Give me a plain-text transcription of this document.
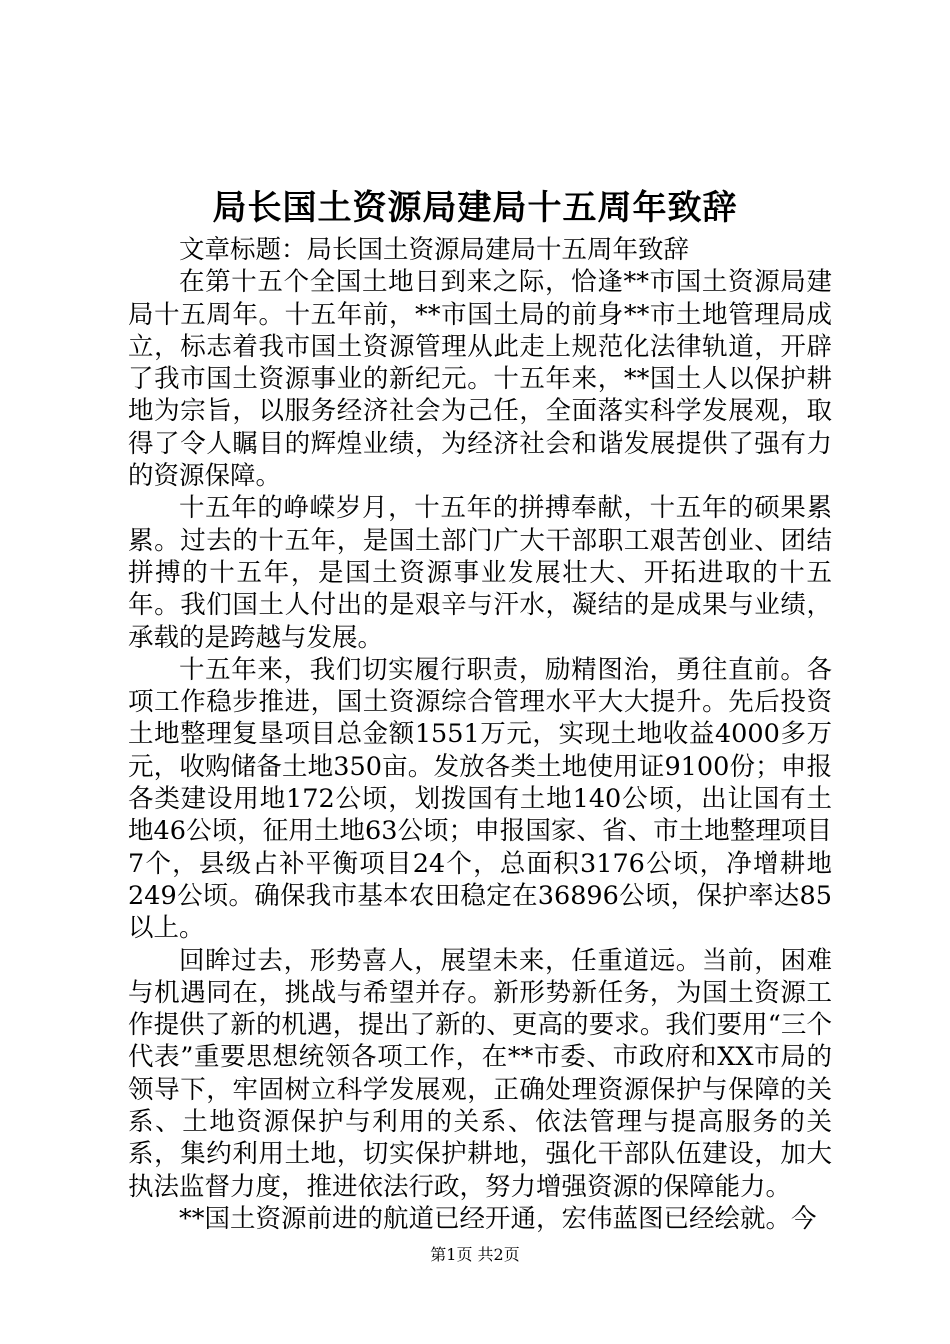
局长国土资源局建局十五周年致辞

文章标题：局长国土资源局建局十五周年致辞

在第十五个全国土地日到来之际，恰逢**市国土资源局建局十五周年。十五年前，**市国土局的前身**市土地管理局成立，标志着我市国土资源管理从此走上规范化法律轨道，开辟了我市国土资源事业的新纪元。十五年来，**国土人以保护耕地为宗旨，以服务经济社会为己任，全面落实科学发展观，取得了令人瞩目的辉煌业绩，为经济社会和谐发展提供了强有力的资源保障。

十五年的峥嵘岁月，十五年的拼搏奉献，十五年的硕果累累。过去的十五年，是国土部门广大干部职工艰苦创业、团结拼搏的十五年，是国土资源事业发展壮大、开拓进取的十五年。我们国土人付出的是艰辛与汗水，凝结的是成果与业绩，承载的是跨越与发展。

十五年来，我们切实履行职责，励精图治，勇往直前。各项工作稳步推进，国土资源综合管理水平大大提升。先后投资土地整理复垦项目总金额1551万元，实现土地收益4000多万元，收购储备土地350亩。发放各类土地使用证9100份；申报各类建设用地172公顷，划拨国有土地140公顷，出让国有土地46公顷，征用土地63公顷；申报国家、省、市土地整理项目7个，县级占补平衡项目24个，总面积3176公顷，净增耕地249公顷。确保我市基本农田稳定在36896公顷，保护率达85以上。

回眸过去，形势喜人，展望未来，任重道远。当前，困难与机遇同在，挑战与希望并存。新形势新任务，为国土资源工作提供了新的机遇，提出了新的、更高的要求。我们要用“三个代表”重要思想统领各项工作，在**市委、市政府和XX市局的领导下，牢固树立科学发展观，正确处理资源保护与保障的关系、土地资源保护与利用的关系、依法管理与提高服务的关系，集约利用土地，切实保护耕地，强化干部队伍建设，加大执法监督力度，推进依法行政，努力增强资源的保障能力。

**国土资源前进的航道已经开通，宏伟蓝图已经绘就。今

第1页 共2页
